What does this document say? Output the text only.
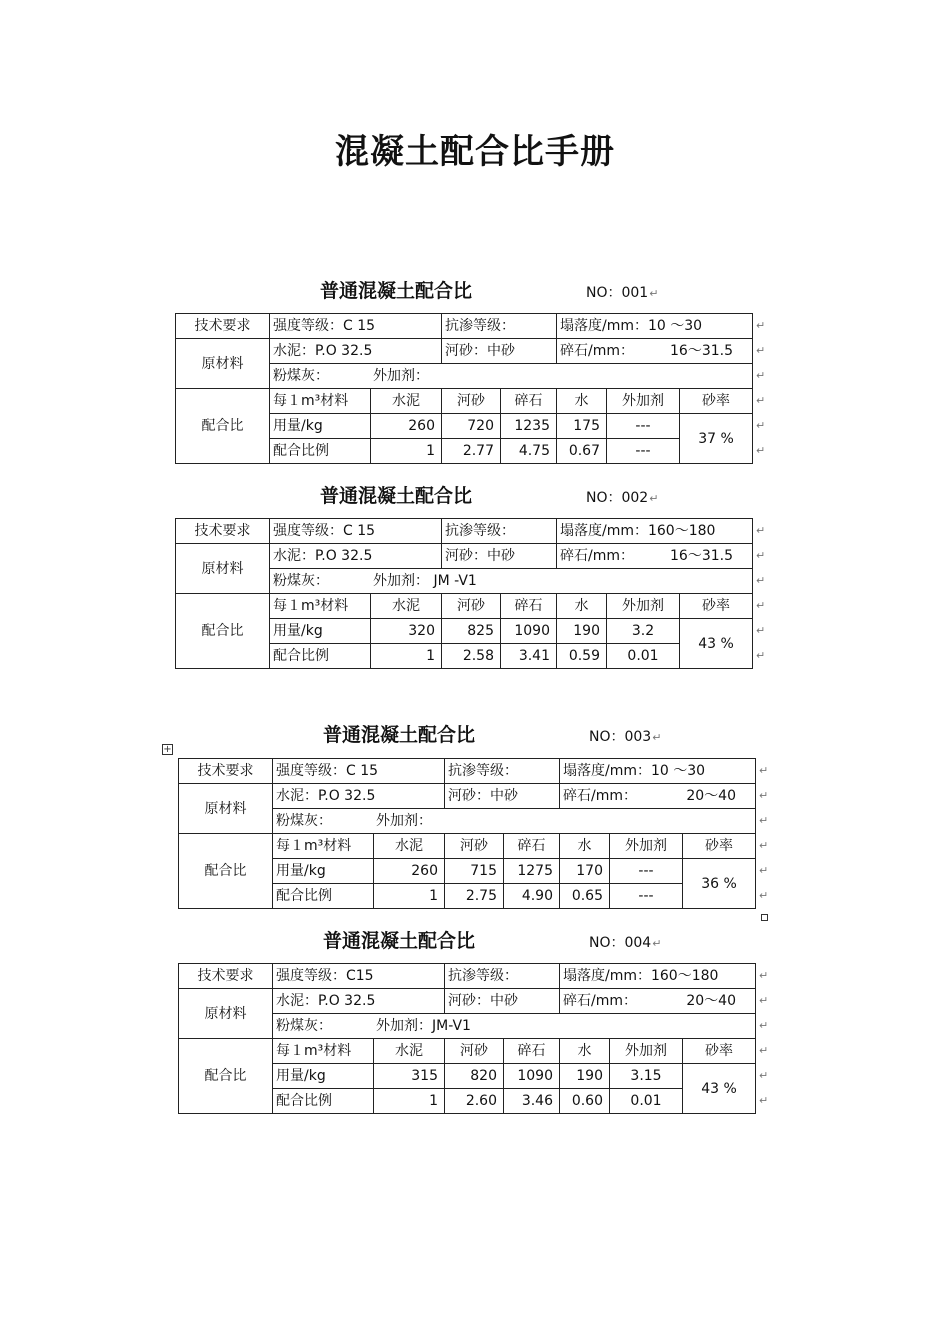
混凝土配合比手册
+
普通混凝土配合比	NO：001↵
技术要求	强度等级：C 15		抗渗等级：		塌落度/mm：10 ～30		
原材料	水泥：P.O 32.5		河砂：中砂		碎石/mm： 16～31.5		

	粉煤灰： 外加剂：						
配合比	每１m³材料	水泥	河砂	碎石	水	外加剂	砂率
	用量/kg	260	720	1235	175	---	37 %
	配合比例	1	2.77	4.75	0.67	---	
↵
↵
↵
↵
↵
↵
普通混凝土配合比	NO：002↵
技术要求	强度等级：C 15		抗渗等级：		塌落度/mm：160～180		
原材料	水泥：P.O 32.5		河砂：中砂		碎石/mm： 16～31.5		

	粉煤灰： 外加剂： JM -V1						
配合比	每１m³材料	水泥	河砂	碎石	水	外加剂	砂率
	用量/kg	320	825	1090	190	3.2	43 %
	配合比例	1	2.58	3.41	0.59	0.01	
↵
↵
↵
↵
↵
↵
普通混凝土配合比	NO：003↵
技术要求	强度等级：C 15		抗渗等级：		塌落度/mm：10 ～30		
原材料	水泥：P.O 32.5		河砂：中砂		碎石/mm： 20～40		

	粉煤灰： 外加剂：						
配合比	每１m³材料	水泥	河砂	碎石	水	外加剂	砂率
	用量/kg	260	715	1275	170	---	36 %
	配合比例	1	2.75	4.90	0.65	---	
↵
↵
↵
↵
↵
↵
普通混凝土配合比	NO：004↵
技术要求	强度等级：C15		抗渗等级：		塌落度/mm：160～180		
原材料	水泥：P.O 32.5		河砂：中砂		碎石/mm： 20～40		

	粉煤灰： 外加剂：JM-V1						
配合比	每１m³材料	水泥	河砂	碎石	水	外加剂	砂率
	用量/kg	315	820	1090	190	3.15	43 %
	配合比例	1	2.60	3.46	0.60	0.01	
↵
↵
↵
↵
↵
↵
